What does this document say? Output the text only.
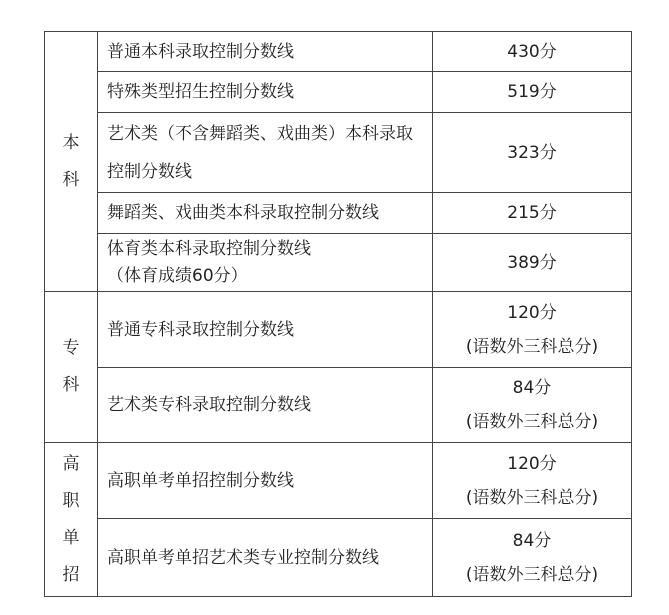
本
科	普通本科录取控制分数线	430分
	特殊类型招生控制分数线	519分
	艺术类（不含舞蹈类、戏曲类）本科录取控制分数线	323分
	舞蹈类、戏曲类本科录取控制分数线	215分

	体育类本科录取控制分数线
（体育成绩60分）	389分

专
科	普通专科录取控制分数线	120分
(语数外三科总分)

	艺术类专科录取控制分数线	84分
(语数外三科总分)

高
职
单
招	高职单考单招控制分数线	120分
(语数外三科总分)

	高职单考单招艺术类专业控制分数线	84分
(语数外三科总分)
